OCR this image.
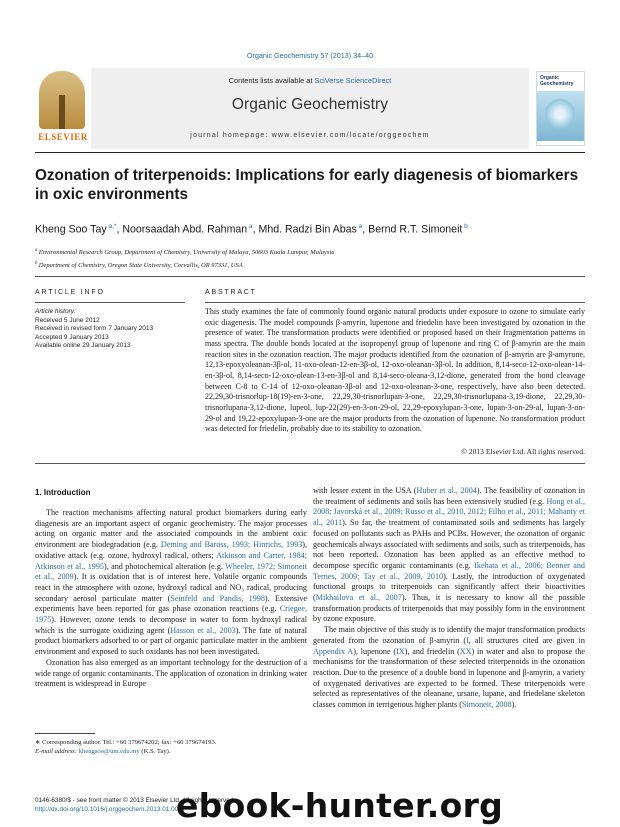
Organic Geochemistry 57 (2013) 34–40
ELSEVIER
Contents lists available at SciVerse ScienceDirect
Organic Geochemistry
journal homepage: www.elsevier.com/locate/orggeochem
Organic Geochemistry
Ozonation of triterpenoids: Implications for early diagenesis of biomarkers in oxic environments
Kheng Soo Tay $^{a,*}$, Noorsaadah Abd. Rahman $^a$, Mhd. Radzi Bin Abas $^a$, Bernd R.T. Simoneit $^b$
$^a$ Environmental Research Group, Department of Chemistry, University of Malaya, 50603 Kuala Lumpur, Malaysia
$^b$ Department of Chemistry, Oregon State University, Corvallis, OR 97331, USA
ARTICLE INFO
Article history:
Received 5 June 2012
Received in revised form 7 January 2013
Accepted 9 January 2013
Available online 29 January 2013
ABSTRACT
This study examines the fate of commonly found organic natural products under exposure to ozone to simulate early oxic diagenesis. The model compounds β-amyrin, lupenone and friedelin have been investigated by ozonation in the presence of water. The transformation products were identified or proposed based on their fragmentation patterns in mass spectra. The double bonds located at the isopropenyl group of lupenone and ring C of β-amyrin are the main reaction sites in the ozonation reaction. The major products identified from the ozonation of β-amyrin are β-amyrone, 12,13-epoxyoleanan-3β-ol, 11-oxo-olean-12-en-3β-ol, 12-oxo-oleanan-3β-ol. In addition, 8,14-seco-12-oxo-olean-14-en-3β-ol, 8,14-seco-12-oxo-olean-13-en-3β-ol and 8,14-seco-oleana-3,12-dione, generated from the bond cleavage between C-8 to C-14 of 12-oxo-oleanan-3β-ol and 12-oxo-oleanan-3-one, respectively, have also been detected. 22,29,30-trisnorlup-18(19)-en-3-one, 22,29,30-trisnorlupan-3-one, 22,29,30-trisnorlupana-3,19-dione, 22,29,30-trisnorlupana-3,12-dione, lupeol, lup-22(29)-en-3-on-29-ol, 22,29-epoxylupan-3-one, lupan-3-on-29-al, lupan-3-on-29-ol and 19,22-epoxylupan-3-one are the major products from the ozonation of lupenone. No transformation product was detected for friedelin, probably due to its stability to ozonation.
© 2013 Elsevier Ltd. All rights reserved.
1. Introduction

The reaction mechanisms affecting natural product biomarkers during early diagenesis are an important aspect of organic geochemistry. The major processes acting on organic matter and the associated compounds in the ambient oxic environment are biodegradation (e.g. Deming and Baross, 1993; Hinrichs, 1993), oxidative attack (e.g. ozone, hydroxyl radical, others; Atkinson and Carter, 1984; Atkinson et al., 1995), and photochemical alteration (e.g. Wheeler, 1972; Simoneit et al., 2009). It is oxidation that is of interest here. Volatile organic compounds react in the atmosphere with ozone, hydroxyl radical and NO₃ radical, producing secondary aerosol particulate matter (Seinfeld and Pandis, 1998). Extensive experiments have been reported for gas phase ozonation reactions (e.g. Criegee, 1975). However, ozone tends to decompose in water to form hydroxyl radical which is the surrogate oxidizing agent (Hasson et al., 2003). The fate of natural product biomarkers adsorbed to or part of organic particulate matter in the ambient environment and exposed to such oxidants has not been investigated.

Ozonation has also emerged as an important technology for the destruction of a wide range of organic contaminants. The application of ozonation in drinking water treatment is widespread in Europe

with lesser extent in the USA (Huber et al., 2004). The feasibility of ozonation in the treatment of sediments and soils has been extensively studied (e.g. Hong et al., 2008; Javorská et al., 2009; Russo et al., 2010, 2012; Filho et al., 2011; Mahanty et al., 2011). So far, the treatment of contaminated soils and sediments has largely focused on pollutants such as PAHs and PCBs. However, the ozonation of organic geochemicals always associated with sediments and soils, such as triterpenoids, has not been reported. Ozonation has been applied as an effective method to decompose specific organic contaminants (e.g. Ikehata et al., 2006; Benner and Ternes, 2009; Tay et al., 2009, 2010). Lastly, the introduction of oxygenated functional groups to triterpenoids can significantly affect their bioactivities (Mikhailova et al., 2007). Thus, it is necessary to know all the possible transformation products of triterpenoids that may possibly form in the environment by ozone exposure.

The main objective of this study is to identify the major transformation products generated from the ozonation of β-amyrin (I, all structures cited are given in Appendix A), lupenone (IX), and friedelin (XX) in water and also to propose the mechanisms for the transformation of these selected triterpenoids in the ozonation reaction. Due to the presence of a double bond in lupenone and β-amyrin, a variety of oxygenated derivatives are expected to be formed. These triterpenoids were selected as representatives of the oleanane, ursane, lupane, and friedelane skeleton classes common in terrigenous higher plants (Simoneit, 2008).

∗ Corresponding author. Tel.: +60 379674202; fax: +60 379674193.
E-mail address: khengsoo@um.edu.my (K.S. Tay).
0146-6380/$ - see front matter © 2013 Elsevier Ltd. All rights reserved.
http://dx.doi.org/10.1016/j.orggeochem.2013.01.004
ebook-hunter.org
